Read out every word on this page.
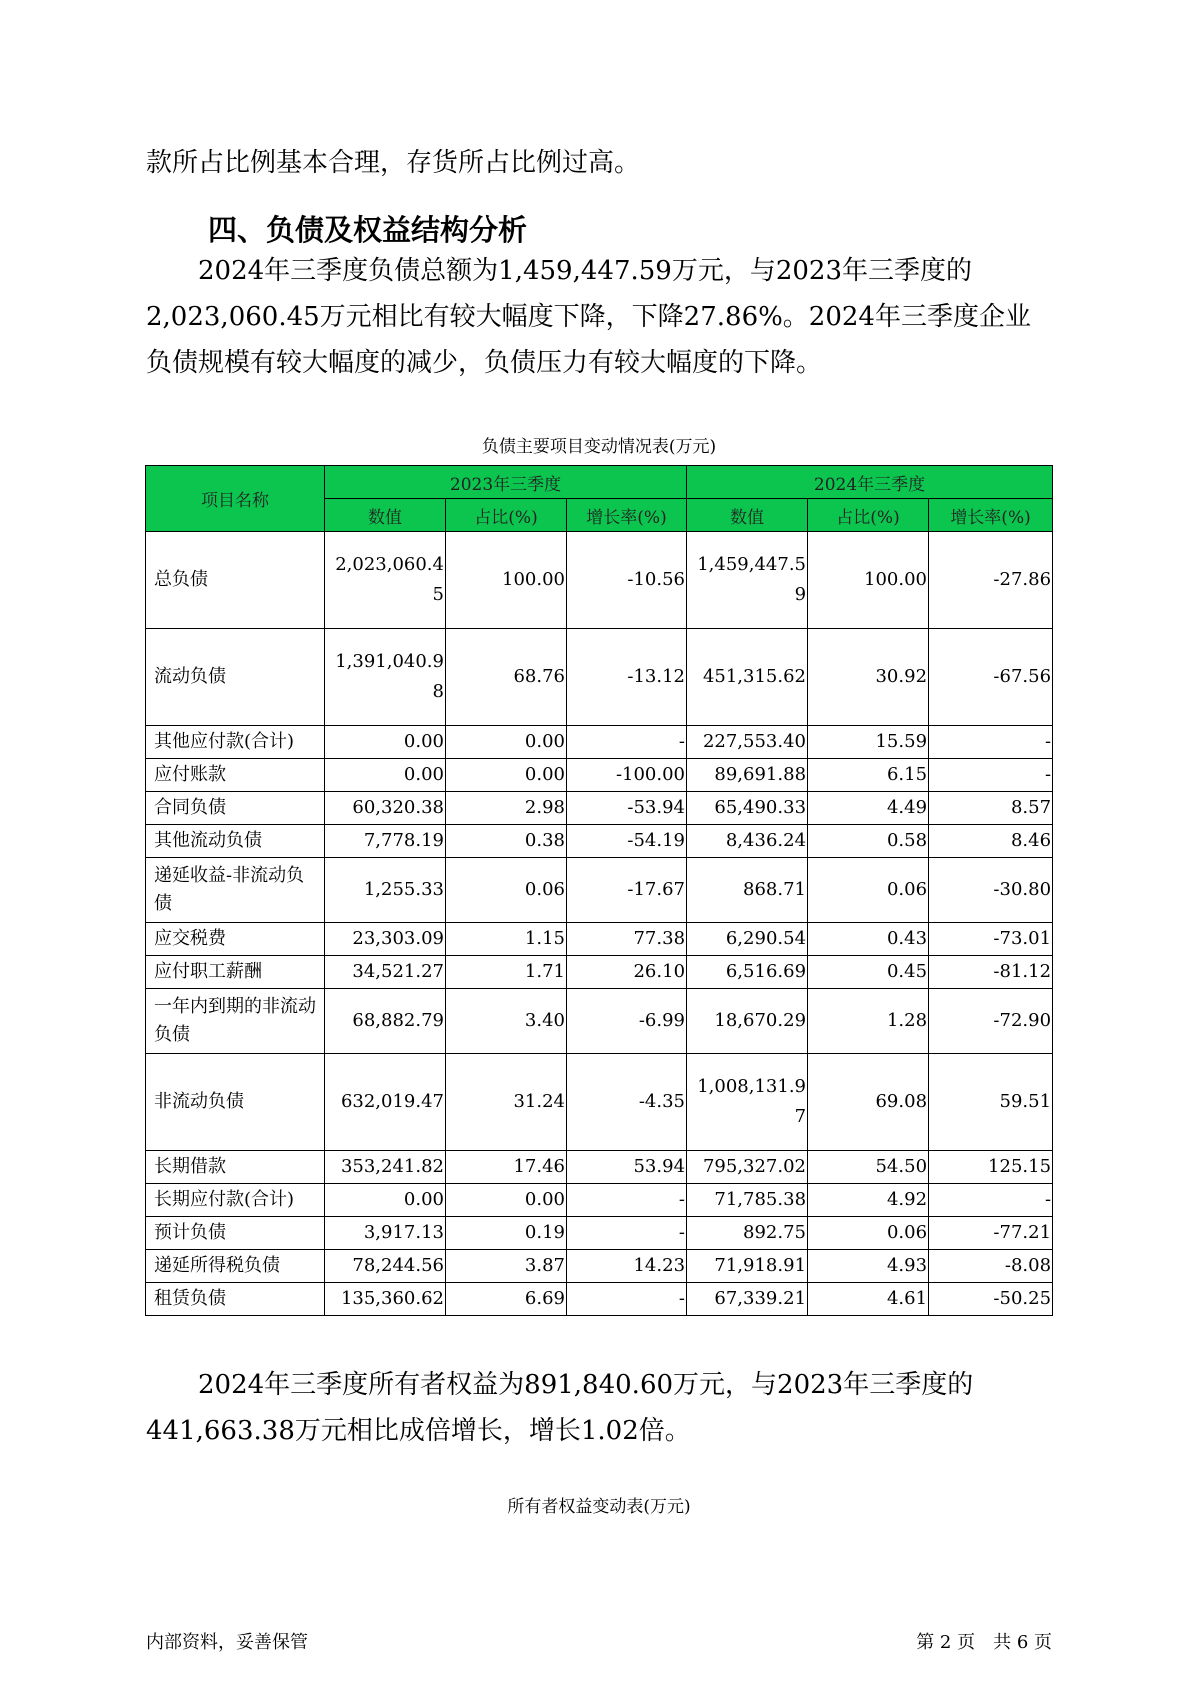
款所占比例基本合理，存货所占比例过高。

四、负债及权益结构分析

2024年三季度负债总额为1,459,447.59万元，与2023年三季度的2,023,060.45万元相比有较大幅度下降，下降27.86%。2024年三季度企业负债规模有较大幅度的减少，负债压力有较大幅度的下降。

负债主要项目变动情况表(万元)
项目名称	2023年三季度			2024年三季度		
	数值	占比(%)	增长率(%)	数值	占比(%)	增长率(%)
总负债	2,023,060.45	100.00	-10.56	1,459,447.59	100.00	-27.86
流动负债	1,391,040.98	68.76	-13.12	451,315.62	30.92	-67.56
其他应付款(合计)	0.00	0.00	-	227,553.40	15.59	-
应付账款	0.00	0.00	-100.00	89,691.88	6.15	-
合同负债	60,320.38	2.98	-53.94	65,490.33	4.49	8.57
其他流动负债	7,778.19	0.38	-54.19	8,436.24	0.58	8.46
递延收益-非流动负债	1,255.33	0.06	-17.67	868.71	0.06	-30.80
应交税费	23,303.09	1.15	77.38	6,290.54	0.43	-73.01
应付职工薪酬	34,521.27	1.71	26.10	6,516.69	0.45	-81.12
一年内到期的非流动负债	68,882.79	3.40	-6.99	18,670.29	1.28	-72.90
非流动负债	632,019.47	31.24	-4.35	1,008,131.97	69.08	59.51
长期借款	353,241.82	17.46	53.94	795,327.02	54.50	125.15
长期应付款(合计)	0.00	0.00	-	71,785.38	4.92	-
预计负债	3,917.13	0.19	-	892.75	0.06	-77.21
递延所得税负债	78,244.56	3.87	14.23	71,918.91	4.93	-8.08
租赁负债	135,360.62	6.69	-	67,339.21	4.61	-50.25

2024年三季度所有者权益为891,840.60万元，与2023年三季度的441,663.38万元相比成倍增长，增长1.02倍。

所有者权益变动表(万元)
内部资料，妥善保管	第 2 页　共 6 页
